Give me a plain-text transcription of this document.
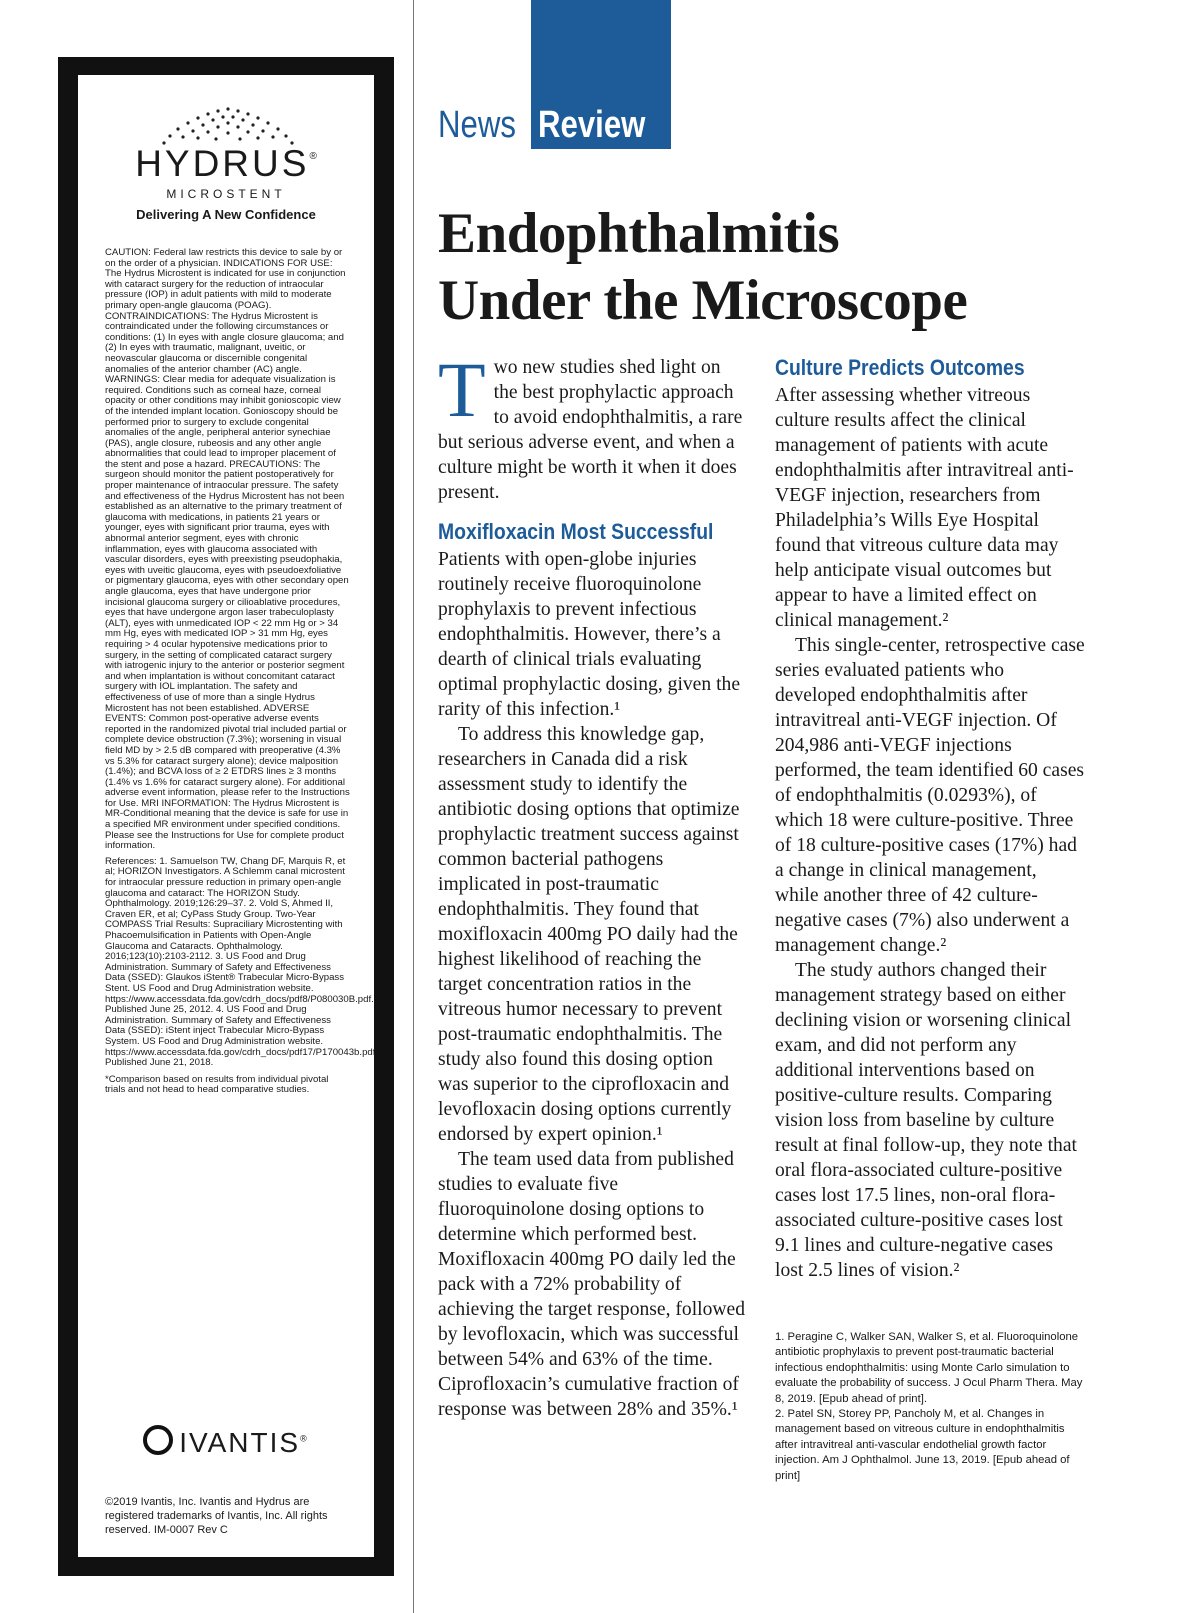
HYDRUS®
MICROSTENT
Delivering A New Confidence

CAUTION: Federal law restricts this device to sale by or on the order of a physician. INDICATIONS FOR USE: The Hydrus Microstent is indicated for use in conjunction with cataract surgery for the reduction of intraocular pressure (IOP) in adult patients with mild to moderate primary open-angle glaucoma (POAG). CONTRAINDICATIONS: The Hydrus Microstent is contraindicated under the following circumstances or conditions: (1) In eyes with angle closure glaucoma; and (2) In eyes with traumatic, malignant, uveitic, or neovascular glaucoma or discernible congenital anomalies of the anterior chamber (AC) angle. WARNINGS: Clear media for adequate visualization is required. Conditions such as corneal haze, corneal opacity or other conditions may inhibit gonioscopic view of the intended implant location. Gonioscopy should be performed prior to surgery to exclude congenital anomalies of the angle, peripheral anterior synechiae (PAS), angle closure, rubeosis and any other angle abnormalities that could lead to improper placement of the stent and pose a hazard. PRECAUTIONS: The surgeon should monitor the patient postoperatively for proper maintenance of intraocular pressure. The safety and effectiveness of the Hydrus Microstent has not been established as an alternative to the primary treatment of glaucoma with medications, in patients 21 years or younger, eyes with significant prior trauma, eyes with abnormal anterior segment, eyes with chronic inflammation, eyes with glaucoma associated with vascular disorders, eyes with preexisting pseudophakia, eyes with uveitic glaucoma, eyes with pseudoexfoliative or pigmentary glaucoma, eyes with other secondary open angle glaucoma, eyes that have undergone prior incisional glaucoma surgery or cilioablative procedures, eyes that have undergone argon laser trabeculoplasty (ALT), eyes with unmedicated IOP < 22 mm Hg or > 34 mm Hg, eyes with medicated IOP > 31 mm Hg, eyes requiring > 4 ocular hypotensive medications prior to surgery, in the setting of complicated cataract surgery with iatrogenic injury to the anterior or posterior segment and when implantation is without concomitant cataract surgery with IOL implantation. The safety and effectiveness of use of more than a single Hydrus Microstent has not been established. ADVERSE EVENTS: Common post-operative adverse events reported in the randomized pivotal trial included partial or complete device obstruction (7.3%); worsening in visual field MD by > 2.5 dB compared with preoperative (4.3% vs 5.3% for cataract surgery alone); device malposition (1.4%); and BCVA loss of ≥ 2 ETDRS lines ≥ 3 months (1.4% vs 1.6% for cataract surgery alone). For additional adverse event information, please refer to the Instructions for Use. MRI INFORMATION: The Hydrus Microstent is MR-Conditional meaning that the device is safe for use in a specified MR environment under specified conditions. Please see the Instructions for Use for complete product information.

References: 1. Samuelson TW, Chang DF, Marquis R, et al; HORIZON Investigators. A Schlemm canal microstent for intraocular pressure reduction in primary open-angle glaucoma and cataract: The HORIZON Study. Ophthalmology. 2019;126:29–37. 2. Vold S, Ahmed II, Craven ER, et al; CyPass Study Group. Two-Year COMPASS Trial Results: Supraciliary Microstenting with Phacoemulsification in Patients with Open-Angle Glaucoma and Cataracts. Ophthalmology. 2016;123(10):2103-2112. 3. US Food and Drug Administration. Summary of Safety and Effectiveness Data (SSED): Glaukos iStent® Trabecular Micro-Bypass Stent. US Food and Drug Administration website. https://www.accessdata.fda.gov/cdrh_docs/pdf8/P080030B.pdf. Published June 25, 2012. 4. US Food and Drug Administration. Summary of Safety and Effectiveness Data (SSED): iStent inject Trabecular Micro-Bypass System. US Food and Drug Administration website. https://www.accessdata.fda.gov/cdrh_docs/pdf17/P170043b.pdf. Published June 21, 2018.

*Comparison based on results from individual pivotal trials and not head to head comparative studies.

IVANTIS®
©2019 Ivantis, Inc. Ivantis and Hydrus are registered trademarks of Ivantis, Inc. All rights reserved. IM-0007 Rev C
News Review
Endophthalmitis
Under the Microscope

Two new studies shed light on the best prophylactic approach to avoid endophthalmitis, a rare but serious adverse event, and when a culture might be worth it when it does present.

Moxifloxacin Most Successful

Patients with open-globe injuries routinely receive fluoroquinolone prophylaxis to prevent infectious endophthalmitis. However, there’s a dearth of clinical trials evaluating optimal prophylactic dosing, given the rarity of this infection.¹

To address this knowledge gap, researchers in Canada did a risk assessment study to identify the antibiotic dosing options that optimize prophylactic treatment success against common bacterial pathogens implicated in post-traumatic endophthalmitis. They found that moxifloxacin 400mg PO daily had the highest likelihood of reaching the target concentration ratios in the vitreous humor necessary to prevent post-traumatic endophthalmitis. The study also found this dosing option was superior to the ciprofloxacin and levofloxacin dosing options currently endorsed by expert opinion.¹

The team used data from published studies to evaluate five fluoroquinolone dosing options to determine which performed best. Moxifloxacin 400mg PO daily led the pack with a 72% probability of achieving the target response, followed by levofloxacin, which was successful between 54% and 63% of the time. Ciprofloxacin’s cumulative fraction of response was between 28% and 35%.¹

Culture Predicts Outcomes

After assessing whether vitreous culture results affect the clinical management of patients with acute endophthalmitis after intravitreal anti-VEGF injection, researchers from Philadelphia’s Wills Eye Hospital found that vitreous culture data may help anticipate visual outcomes but appear to have a limited effect on clinical management.²

This single-center, retrospective case series evaluated patients who developed endophthalmitis after intravitreal anti-VEGF injection. Of 204,986 anti-VEGF injections performed, the team identified 60 cases of endophthalmitis (0.0293%), of which 18 were culture-positive. Three of 18 culture-positive cases (17%) had a change in clinical management, while another three of 42 culture-negative cases (7%) also underwent a management change.²

The study authors changed their management strategy based on either declining vision or worsening clinical exam, and did not perform any additional interventions based on positive-culture results. Comparing vision loss from baseline by culture result at final follow-up, they note that oral flora-associated culture-positive cases lost 17.5 lines, non-oral flora-associated culture-positive cases lost 9.1 lines and culture-negative cases lost 2.5 lines of vision.²

1. Peragine C, Walker SAN, Walker S, et al. Fluoroquinolone antibiotic prophylaxis to prevent post-traumatic bacterial infectious endophthalmitis: using Monte Carlo simulation to evaluate the probability of success. J Ocul Pharm Thera. May 8, 2019. [Epub ahead of print].

2. Patel SN, Storey PP, Pancholy M, et al. Changes in management based on vitreous culture in endophthalmitis after intravitreal anti-vascular endothelial growth factor injection. Am J Ophthalmol. June 13, 2019. [Epub ahead of print]
